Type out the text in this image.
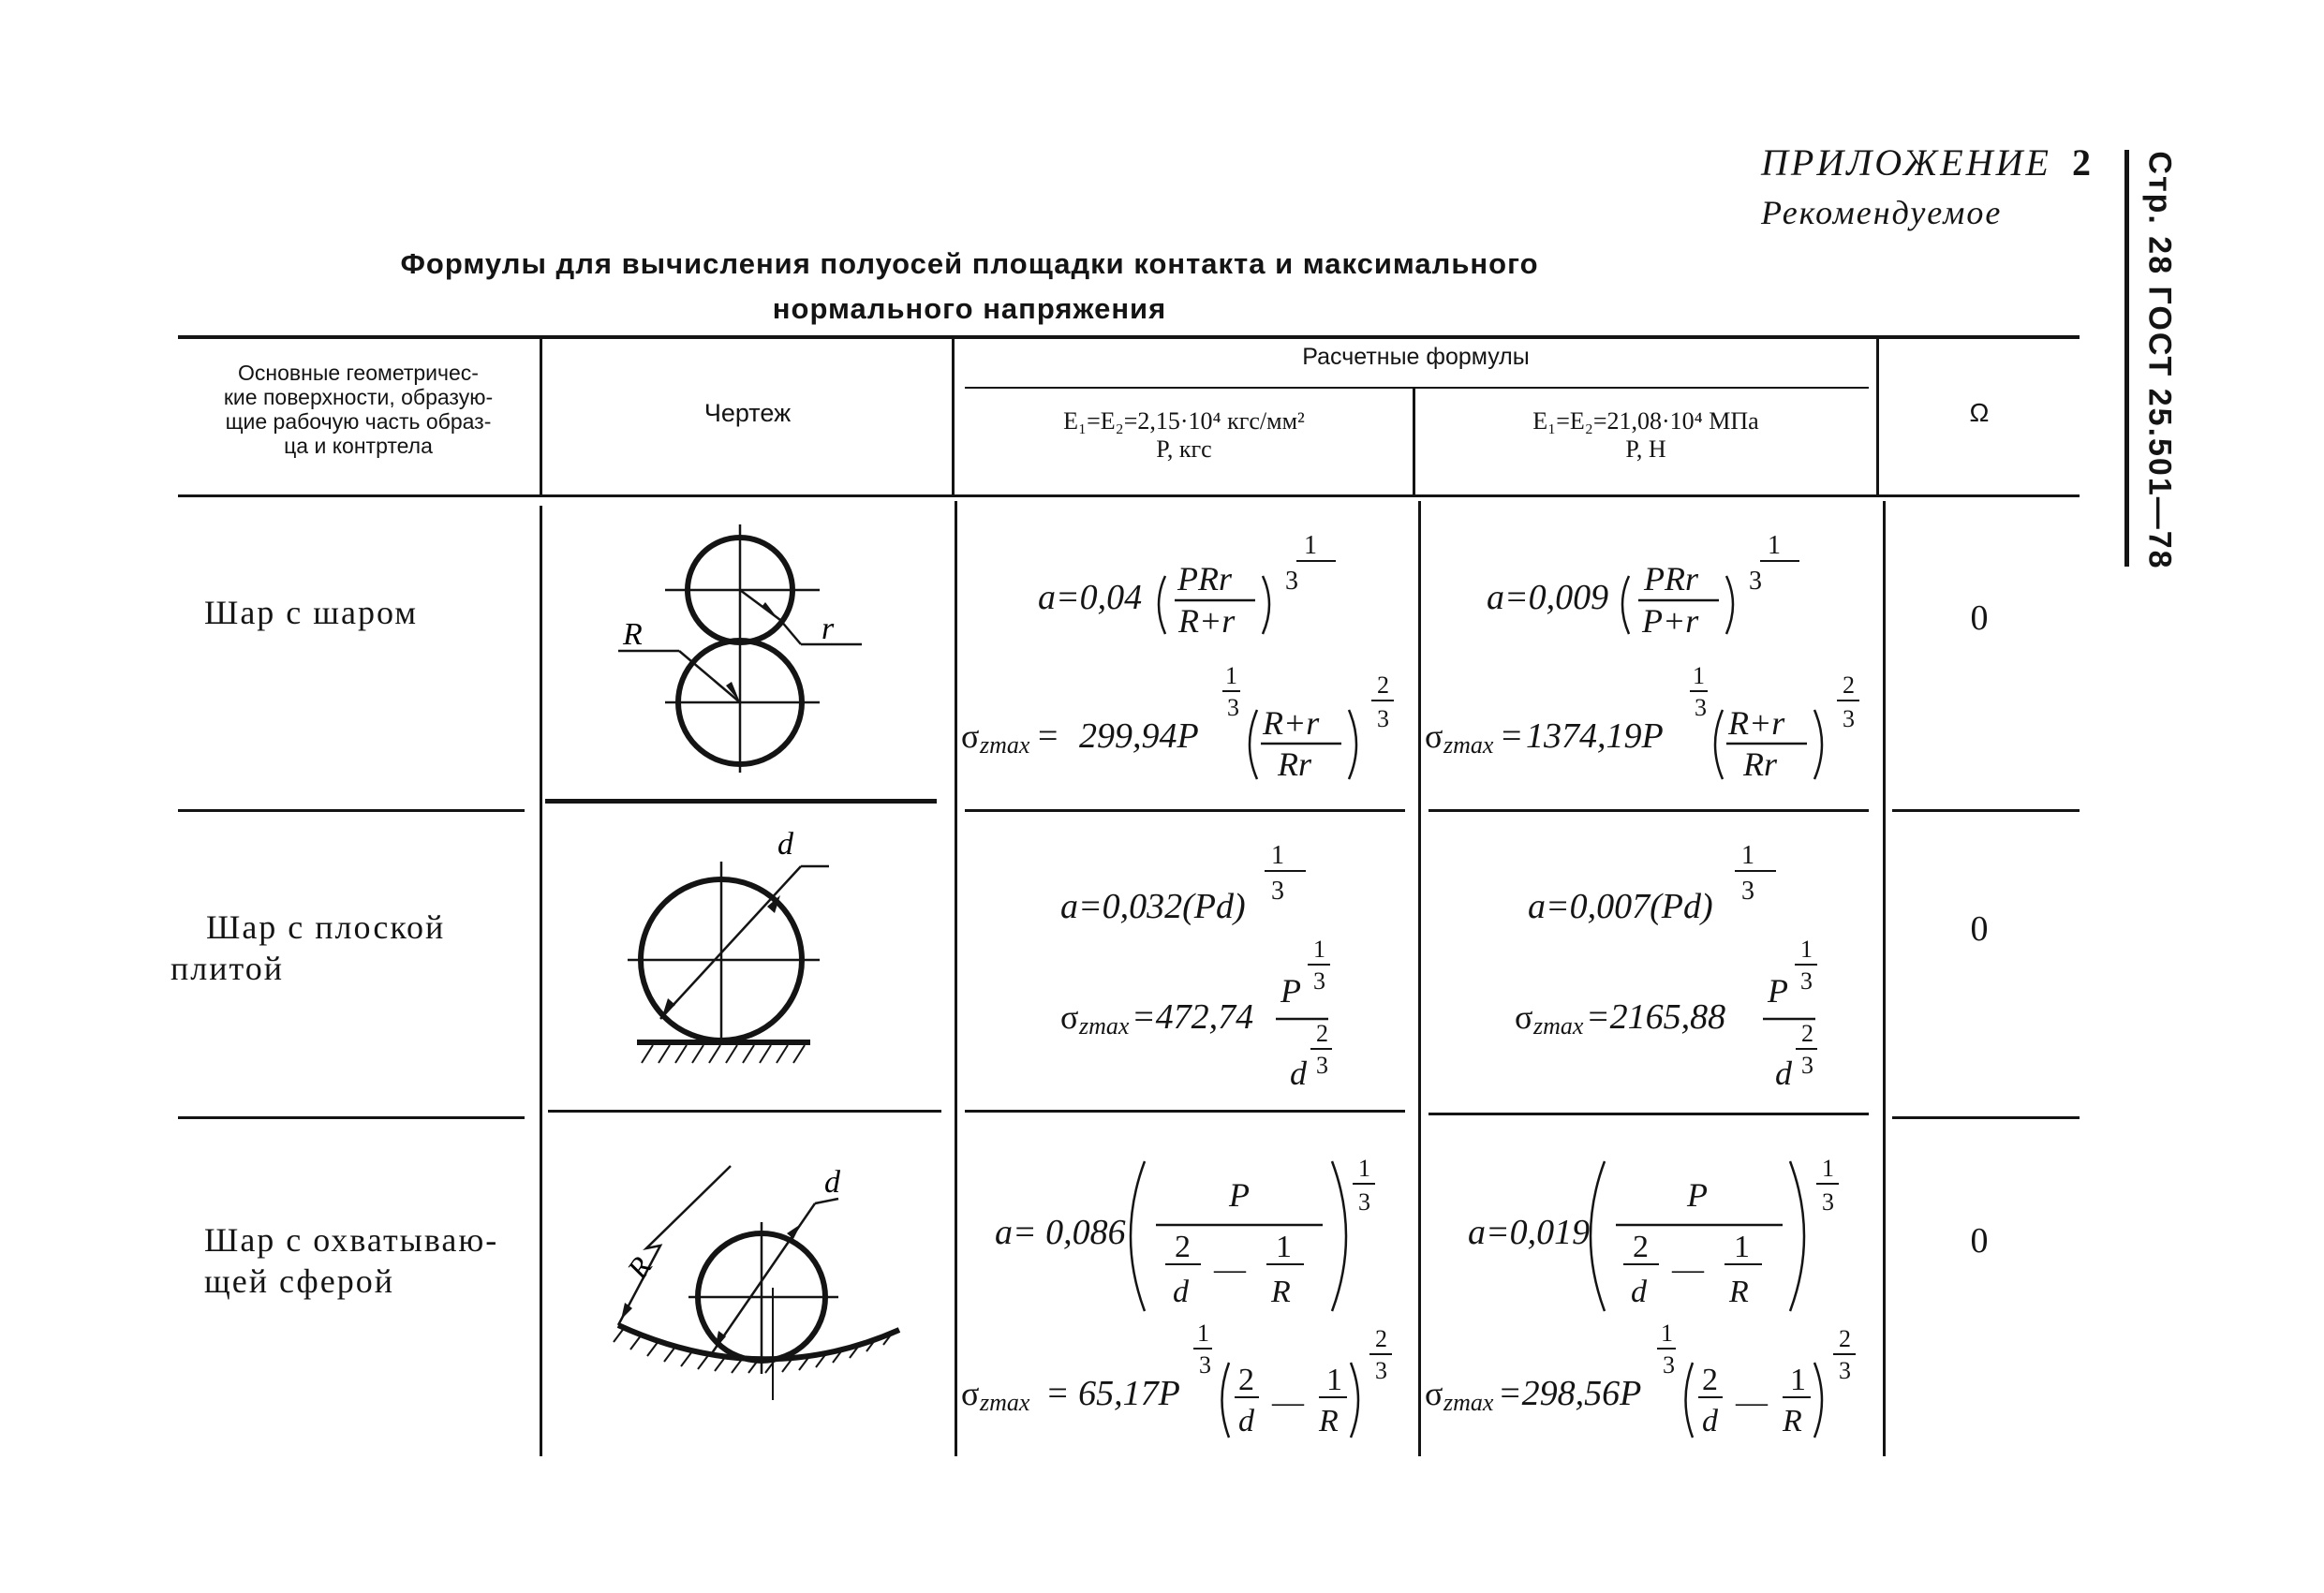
ПРИЛОЖЕНИЕ 2
Рекомендуемое	Стр. 28 ГОСТ 25.501—78
Формулы для вычисления полуосей площадки контакта и максимального
нормального напряжения
Основные геометричес-
кие поверхности, образую-
щие рабочую часть образ-
ца и контртела
Чертеж
Расчетные формулы
E₁=E₂=2,15·10⁴ кгс/мм²
P, кгс
E₁=E₂=21,08·10⁴ МПа
P, Н
Ω
Шар с шаром
Шар с плоской
плитой
Шар с охватываю-
щей сферой
0
0
0
R	r
d
d
R
a=0,04 PRr
R+r
1
3
σ zmax = 299,94P
1
3 R+r
Rr
2
3
a=0,009 PRr
P+r
1
3
σ zmax = 1374,19P
1
3 R+r
Rr
2
3
a=0,032(Pd)
1
3
σ zmax =472,74
P
1
3
d
2
3
a=0,007(Pd)
1
3
σ zmax =2165,88
P
1
3
d
2
3
a= 0,086
P
2
d
—
1
R
1
3
σ zmax = 65,17P
1
3 2
d
—
1
R
2
3
a=0,019
P
2
d
—
1
R
1
3
σ zmax =298,56P
1
3 2
d
—
1
R
2
3
